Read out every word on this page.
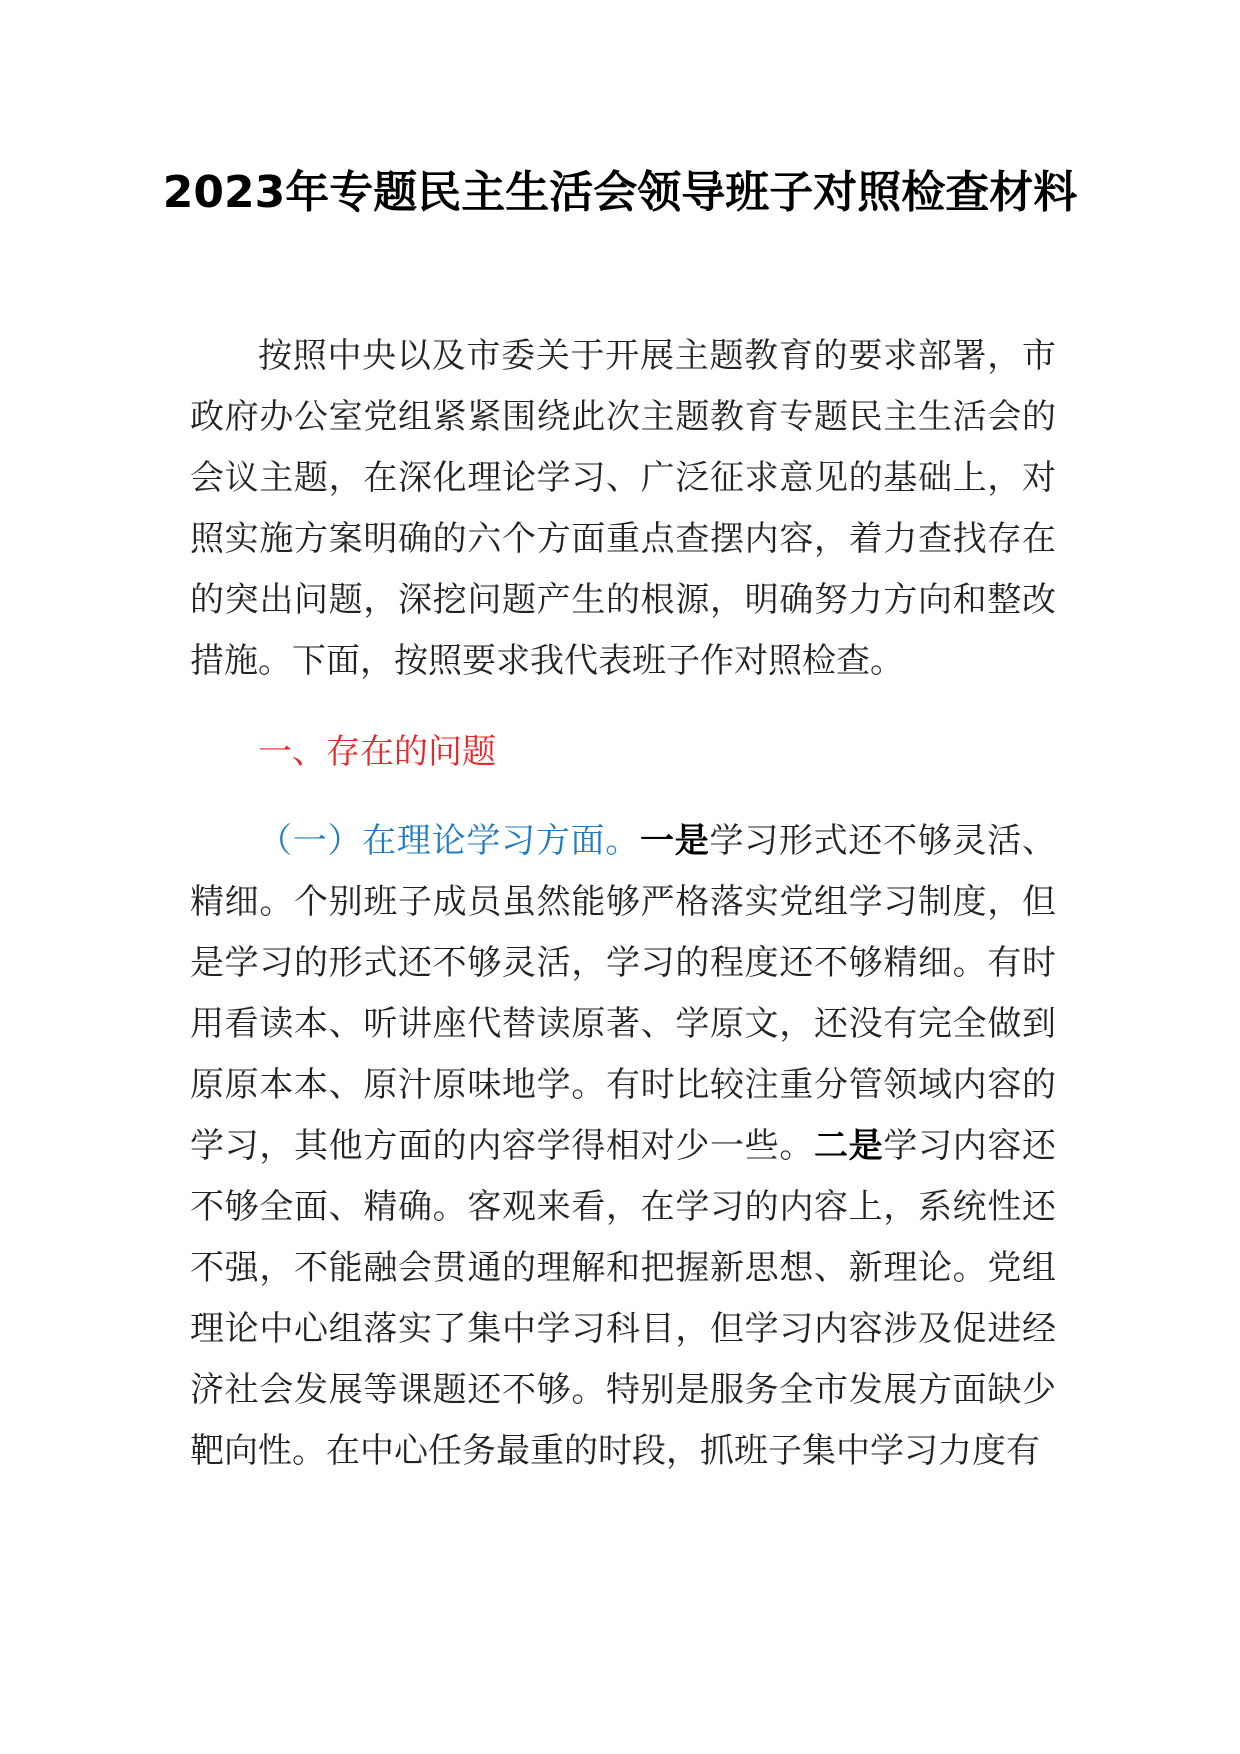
2023年专题民主生活会领导班子对照检查材料

按照中央以及市委关于开展主题教育的要求部署，市政府办公室党组紧紧围绕此次主题教育专题民主生活会的会议主题，在深化理论学习、广泛征求意见的基础上，对照实施方案明确的六个方面重点查摆内容，着力查找存在的突出问题，深挖问题产生的根源，明确努力方向和整改措施。下面，按照要求我代表班子作对照检查。

一、存在的问题

（一）在理论学习方面。一是学习形式还不够灵活、精细。个别班子成员虽然能够严格落实党组学习制度，但是学习的形式还不够灵活，学习的程度还不够精细。有时用看读本、听讲座代替读原著、学原文，还没有完全做到原原本本、原汁原味地学。有时比较注重分管领域内容的学习，其他方面的内容学得相对少一些。二是学习内容还不够全面、精确。客观来看，在学习的内容上，系统性还不强，不能融会贯通的理解和把握新思想、新理论。党组理论中心组落实了集中学习科目，但学习内容涉及促进经济社会发展等课题还不够。特别是服务全市发展方面缺少靶向性。在中心任务最重的时段，抓班子集中学习力度有
